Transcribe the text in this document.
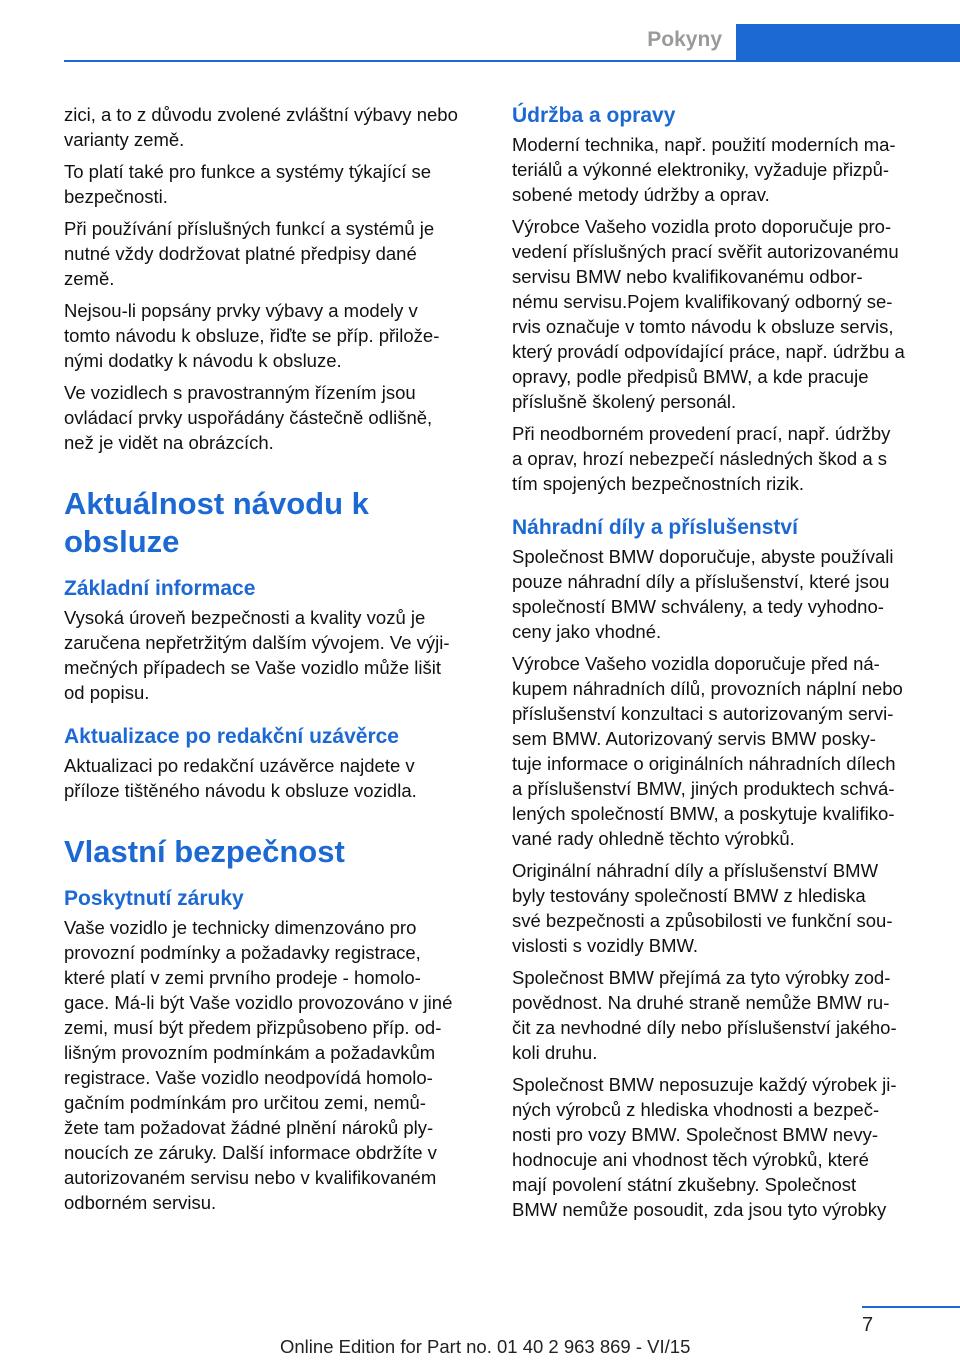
Pokyny

zici, a to z důvodu zvolené zvláštní výbavy nebo
varianty země.

To platí také pro funkce a systémy týkající se
bezpečnosti.

Při používání příslušných funkcí a systémů je
nutné vždy dodržovat platné předpisy dané
země.

Nejsou-li popsány prvky výbavy a modely v
tomto návodu k obsluze, řiďte se příp. přilože‐
nými dodatky k návodu k obsluze.

Ve vozidlech s pravostranným řízením jsou
ovládací prvky uspořádány částečně odlišně,
než je vidět na obrázcích.

Aktuálnost návodu k obsluze
Základní informace

Vysoká úroveň bezpečnosti a kvality vozů je
zaručena nepřetržitým dalším vývojem. Ve výji‐
mečných případech se Vaše vozidlo může lišit
od popisu.

Aktualizace po redakční uzávěrce

Aktualizaci po redakční uzávěrce najdete v
příloze tištěného návodu k obsluze vozidla.

Vlastní bezpečnost
Poskytnutí záruky

Vaše vozidlo je technicky dimenzováno pro
provozní podmínky a požadavky registrace,
které platí v zemi prvního prodeje - homolo‐
gace. Má-li být Vaše vozidlo provozováno v jiné
zemi, musí být předem přizpůsobeno příp. od‐
lišným provozním podmínkám a požadavkům
registrace. Vaše vozidlo neodpovídá homolo‐
gačním podmínkám pro určitou zemi, nemů‐
žete tam požadovat žádné plnění nároků ply‐
noucích ze záruky. Další informace obdržíte v
autorizovaném servisu nebo v kvalifikovaném
odborném servisu.

Údržba a opravy

Moderní technika, např. použití moderních ma‐
teriálů a výkonné elektroniky, vyžaduje přizpů‐
sobené metody údržby a oprav.

Výrobce Vašeho vozidla proto doporučuje pro‐
vedení příslušných prací svěřit autorizovanému
servisu BMW nebo kvalifikovanému odbor‐
nému servisu.Pojem kvalifikovaný odborný se‐
rvis označuje v tomto návodu k obsluze servis,
který provádí odpovídající práce, např. údržbu a
opravy, podle předpisů BMW, a kde pracuje
příslušně školený personál.

Při neodborném provedení prací, např. údržby
a oprav, hrozí nebezpečí následných škod a s
tím spojených bezpečnostních rizik.

Náhradní díly a příslušenství

Společnost BMW doporučuje, abyste používali
pouze náhradní díly a příslušenství, které jsou
společností BMW schváleny, a tedy vyhodno‐
ceny jako vhodné.

Výrobce Vašeho vozidla doporučuje před ná‐
kupem náhradních dílů, provozních náplní nebo
příslušenství konzultaci s autorizovaným servi‐
sem BMW. Autorizovaný servis BMW posky‐
tuje informace o originálních náhradních dílech
a příslušenství BMW, jiných produktech schvá‐
lených společností BMW, a poskytuje kvalifiko‐
vané rady ohledně těchto výrobků.

Originální náhradní díly a příslušenství BMW
byly testovány společností BMW z hlediska
své bezpečnosti a způsobilosti ve funkční sou‐
vislosti s vozidly BMW.

Společnost BMW přejímá za tyto výrobky zod‐
povědnost. Na druhé straně nemůže BMW ru‐
čit za nevhodné díly nebo příslušenství jakého‐
koli druhu.

Společnost BMW neposuzuje každý výrobek ji‐
ných výrobců z hlediska vhodnosti a bezpeč‐
nosti pro vozy BMW. Společnost BMW nevy‐
hodnocuje ani vhodnost těch výrobků, které
mají povolení státní zkušebny. Společnost
BMW nemůže posoudit, zda jsou tyto výrobky

7
Online Edition for Part no. 01 40 2 963 869 - VI/15
